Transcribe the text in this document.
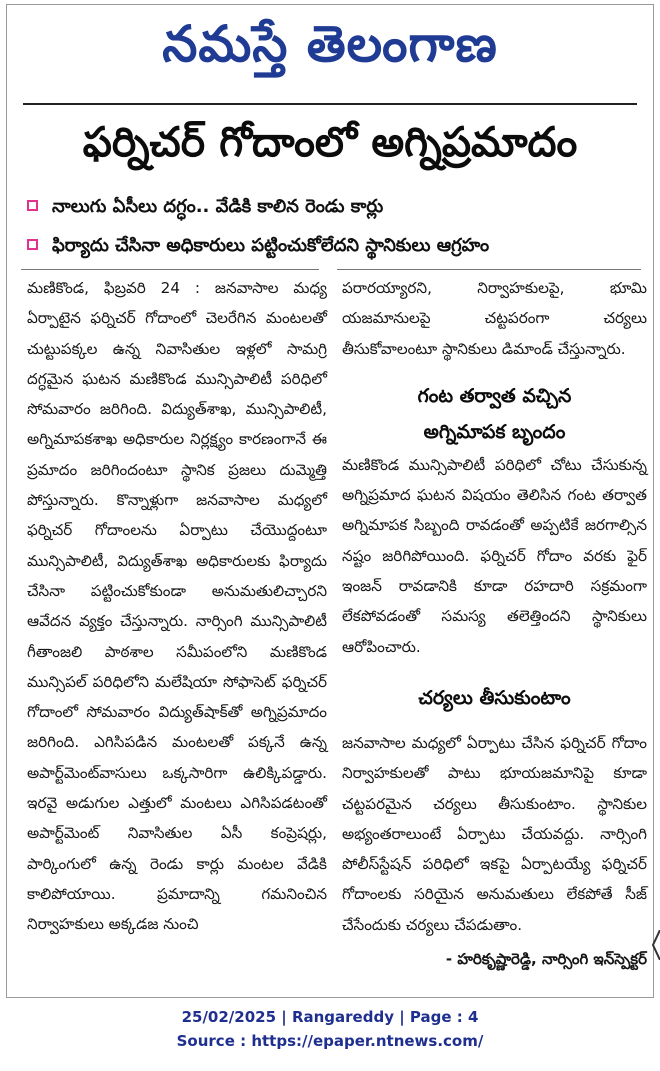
నమస్తే తెలంగాణ
ఫర్నిచర్ గోదాంలో అగ్నిప్రమాదం
నాలుగు ఏసీలు దగ్ధం.. వేడికి కాలిన రెండు కార్లు
ఫిర్యాదు చేసినా అధికారులు పట్టించుకోలేదని స్థానికులు ఆగ్రహం

మణికొండ, ఫిబ్రవరి 24 : జనవాసాల మధ్య ఏర్పాటైన ఫర్నిచర్ గోదాంలో చెలరేగిన మంటలతో చుట్టుపక్కల ఉన్న నివాసితుల ఇళ్లలో సామగ్రి దగ్ధమైన ఘటన మణికొండ మున్సిపాలిటీ పరిధిలో సోమవారం జరిగింది. విద్యుత్‌శాఖ, మున్సిపాలిటీ, అగ్నిమాపకశాఖ అధికారుల నిర్లక్ష్యం కారణంగానే ఈ ప్రమాదం జరిగిందంటూ స్థానిక ప్రజలు దుమ్మెత్తి పోస్తున్నారు. కొన్నాళ్లుగా జనవాసాల మధ్యలో ఫర్నిచర్ గోదాంలను ఏర్పాటు చేయొద్దంటూ మున్సిపాలిటీ, విద్యుత్‌శాఖ అధికారులకు ఫిర్యాదు చేసినా పట్టించుకోకుండా అనుమతులిచ్చారని ఆవేదన వ్యక్తం చేస్తున్నారు. నార్సింగి మున్సిపాలిటీ గీతాంజలి పాఠశాల సమీపంలోని మణికొండ మున్సిపల్ పరిధిలోని మలేషియా సోఫాసెట్ ఫర్నిచర్ గోదాంలో సోమవారం విద్యుత్‌షాక్‌తో అగ్నిప్రమాదం జరిగింది. ఎగిసిపడిన మంటలతో పక్కనే ఉన్న అపార్ట్‌మెంట్‌వాసులు ఒక్కసారిగా ఉలిక్కిపడ్డారు. ఇరవై అడుగుల ఎత్తులో మంటలు ఎగిసిపడటంతో అపార్ట్‌మెంట్ నివాసితుల ఏసీ కంప్రెషర్లు, పార్కింగులో ఉన్న రెండు కార్లు మంటల వేడికి కాలిపోయాయి. ప్రమాదాన్ని గమనించిన నిర్వాహకులు అక్కడజ నుంచి

పరారయ్యారని, నిర్వాహకులపై, భూమి యజమానులపై చట్టపరంగా చర్యలు తీసుకోవాలంటూ స్థానికులు డిమాండ్ చేస్తున్నారు.

గంట తర్వాత వచ్చిన
అగ్నిమాపక బృందం

మణికొండ మున్సిపాలిటీ పరిధిలో చోటు చేసుకున్న అగ్నిప్రమాద ఘటన విషయం తెలిసిన గంట తర్వాత అగ్నిమాపక సిబ్బంది రావడంతో అప్పటికే జరగాల్సిన నష్టం జరిగిపోయింది. ఫర్నిచర్ గోదాం వరకు ఫైర్ ఇంజన్ రావడానికి కూడా రహదారి సక్రమంగా లేకపోవడంతో సమస్య తలెత్తిందని స్థానికులు ఆరోపించారు.

చర్యలు తీసుకుంటాం

జనవాసాల మధ్యలో ఏర్పాటు చేసిన ఫర్నిచర్ గోదాం నిర్వాహకులతో పాటు భూయజమానిపై కూడా చట్టపరమైన చర్యలు తీసుకుంటాం. స్థానికుల అభ్యంతరాలుంటే ఏర్పాటు చేయవద్దు. నార్సింగి పోలీస్‌స్టేషన్ పరిధిలో ఇకపై ఏర్పాటయ్యే ఫర్నిచర్ గోదాంలకు సరియైన అనుమతులు లేకపోతే సీజ్ చేసేందుకు చర్యలు చేపడుతాం.

- హరికృష్ణారెడ్డి, నార్సింగి ఇన్‌స్పెక్టర్
25/02/2025 | Rangareddy | Page : 4
Source : https://epaper.ntnews.com/
